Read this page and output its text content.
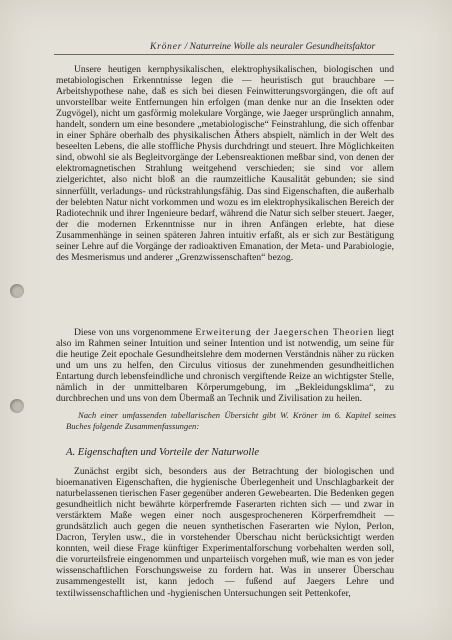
Kröner / Naturreine Wolle als neuraler Gesundheitsfaktor
Unsere heutigen kernphysikalischen, elektrophysikalischen, biologischen und metabiologischen Erkenntnisse legen die — heuristisch gut brauchbare — Arbeitshypothese nahe, daß es sich bei diesen Feinwitterungsvorgängen, die oft auf unvorstellbar weite Entfernungen hin erfolgen (man denke nur an die Insekten oder Zugvögel), nicht um gasförmig molekulare Vorgänge, wie Jaeger ursprünglich annahm, handelt, sondern um eine besondere „metabiologische“ Feinstrahlung, die sich offenbar in einer Sphäre oberhalb des physikalischen Äthers abspielt, nämlich in der Welt des beseelten Lebens, die alle stoffliche Physis durchdringt und steuert. Ihre Möglichkeiten sind, obwohl sie als Begleitvorgänge der Lebensreaktionen meßbar sind, von denen der elektromagnetischen Strahlung weitgehend verschieden; sie sind vor allem zielgerichtet, also nicht bloß an die raumzeitliche Kausalität gebunden; sie sind sinnerfüllt, verladungs- und rückstrahlungsfähig. Das sind Eigenschaften, die außerhalb der belebten Natur nicht vorkommen und wozu es im elektrophysikalischen Bereich der Radiotechnik und ihrer Ingenieure bedarf, während die Natur sich selber steuert. Jaeger, der die modernen Erkenntnisse nur in ihren Anfängen erlebte, hat diese Zusammenhänge in seinen späteren Jahren intuitiv erfaßt, als er sich zur Bestätigung seiner Lehre auf die Vorgänge der radioaktiven Emanation, der Meta- und Parabiologie, des Mesmerismus und anderer „Grenzwissenschaften“ bezog.
Diese von uns vorgenommene Erweiterung der Jaegerschen Theorien liegt also im Rahmen seiner Intuition und seiner Intention und ist notwendig, um seine für die heutige Zeit epochale Gesundheitslehre dem modernen Verständnis näher zu rücken und um uns zu helfen, den Circulus vitiosus der zunehmenden gesundheitlichen Entartung durch lebensfeindliche und chronisch vergiftende Reize an wichtigster Stelle, nämlich in der unmittelbaren Körperumgebung, im „Bekleidungsklima“, zu durchbrechen und uns von dem Übermaß an Technik und Zivilisation zu heilen.
Nach einer umfassenden tabellarischen Übersicht gibt W. Kröner im 6. Kapitel seines Buches folgende Zusammenfassungen:
A. Eigenschaften und Vorteile der Naturwolle
Zunächst ergibt sich, besonders aus der Betrachtung der biologischen und bioemanativen Eigenschaften, die hygienische Überlegenheit und Unschlagbarkeit der naturbelassenen tierischen Faser gegenüber anderen Gewebearten. Die Bedenken gegen gesundheitlich nicht bewährte körperfremde Faserarten richten sich — und zwar in verstärktem Maße wegen einer noch ausgesprocheneren Körperfremdheit — grundsätzlich auch gegen die neuen synthetischen Faserarten wie Nylon, Perlon, Dacron, Terylen usw., die in vorstehender Überschau nicht berücksichtigt werden konnten, weil diese Frage künftiger Experimentalforschung vorbehalten werden soll, die vorurteilsfreie eingenommen und unparteiisch vorgehen muß, wie man es von jeder wissenschaftlichen Forschungsweise zu fordern hat. Was in unserer Überschau zusammengestellt ist, kann jedoch — fußend auf Jaegers Lehre und textilwissenschaftlichen und -hygienischen Untersuchungen seit Pettenkofer,
